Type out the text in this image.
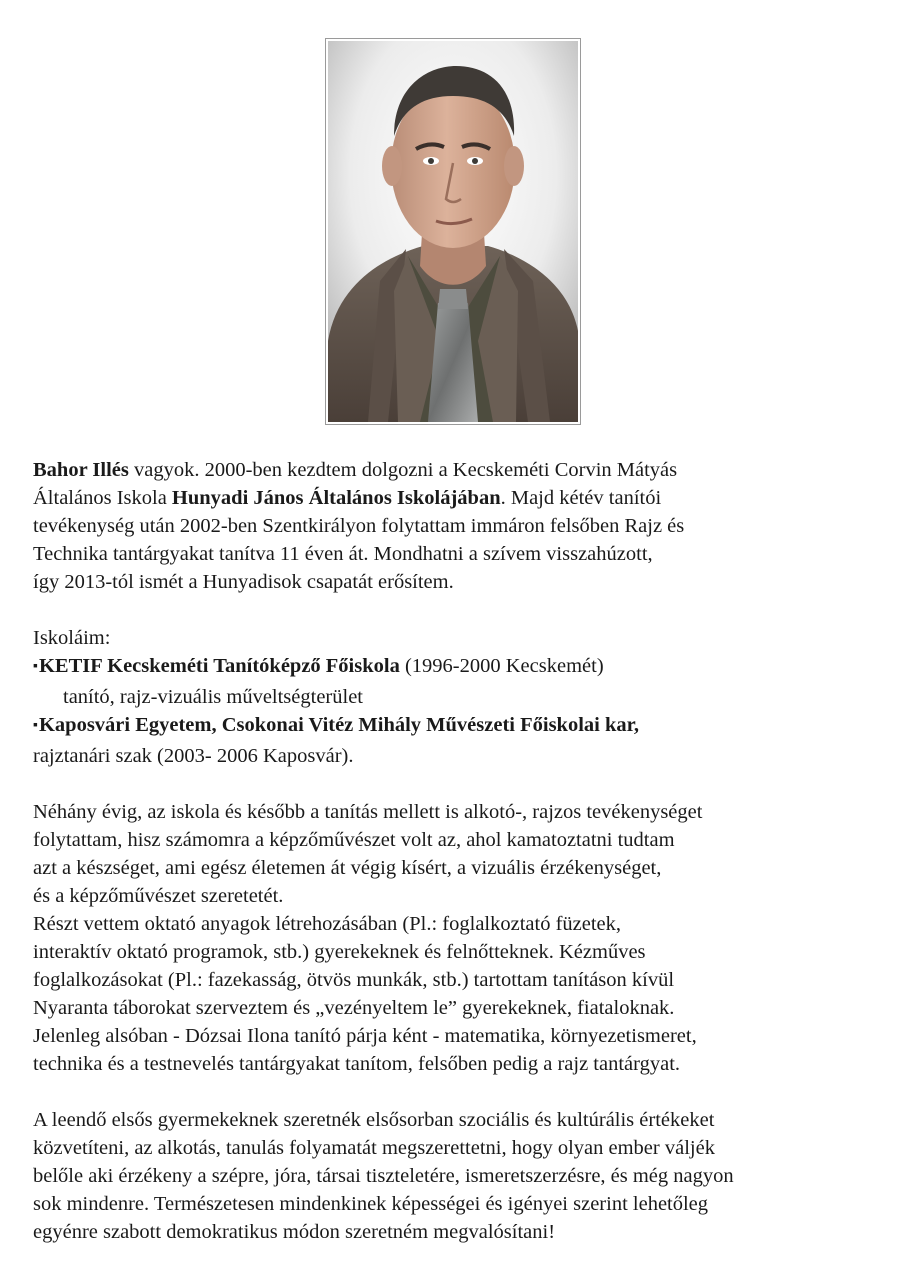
Bahor Illés vagyok. 2000-ben kezdtem dolgozni a Kecskeméti Corvin Mátyás
Általános Iskola Hunyadi János Általános Iskolájában. Majd kétév tanítói
tevékenység után 2002-ben Szentkirályon folytattam immáron felsőben Rajz és
Technika tantárgyakat tanítva 11 éven át. Mondhatni a szívem visszahúzott,
így 2013-tól ismét a Hunyadisok csapatát erősítem.
Iskoláim:
▪KETIF Kecskeméti Tanítóképző Főiskola (1996-2000 Kecskemét)
tanító, rajz-vizuális műveltségterület
▪Kaposvári Egyetem, Csokonai Vitéz Mihály Művészeti Főiskolai kar,
rajztanári szak (2003- 2006 Kaposvár).
Néhány évig, az iskola és később a tanítás mellett is alkotó-, rajzos tevékenységet
folytattam, hisz számomra a képzőművészet volt az, ahol kamatoztatni tudtam
azt a készséget, ami egész életemen át végig kísért, a vizuális érzékenységet,
és a képzőművészet szeretetét.
Részt vettem oktató anyagok létrehozásában (Pl.: foglalkoztató füzetek,
interaktív oktató programok, stb.) gyerekeknek és felnőtteknek. Kézműves
foglalkozásokat (Pl.: fazekasság, ötvös munkák, stb.) tartottam tanításon kívül
Nyaranta táborokat szerveztem és „vezényeltem le” gyerekeknek, fiataloknak.
Jelenleg alsóban - Dózsai Ilona tanító párja ként - matematika, környezetismeret,
technika és a testnevelés tantárgyakat tanítom, felsőben pedig a rajz tantárgyat.
A leendő elsős gyermekeknek szeretnék elsősorban szociális és kultúrális értékeket
közvetíteni, az alkotás, tanulás folyamatát megszerettetni, hogy olyan ember váljék
belőle aki érzékeny a szépre, jóra, társai tiszteletére, ismeretszerzésre, és még nagyon
sok mindenre. Természetesen mindenkinek képességei és igényei szerint lehetőleg
egyénre szabott demokratikus módon szeretném megvalósítani!
